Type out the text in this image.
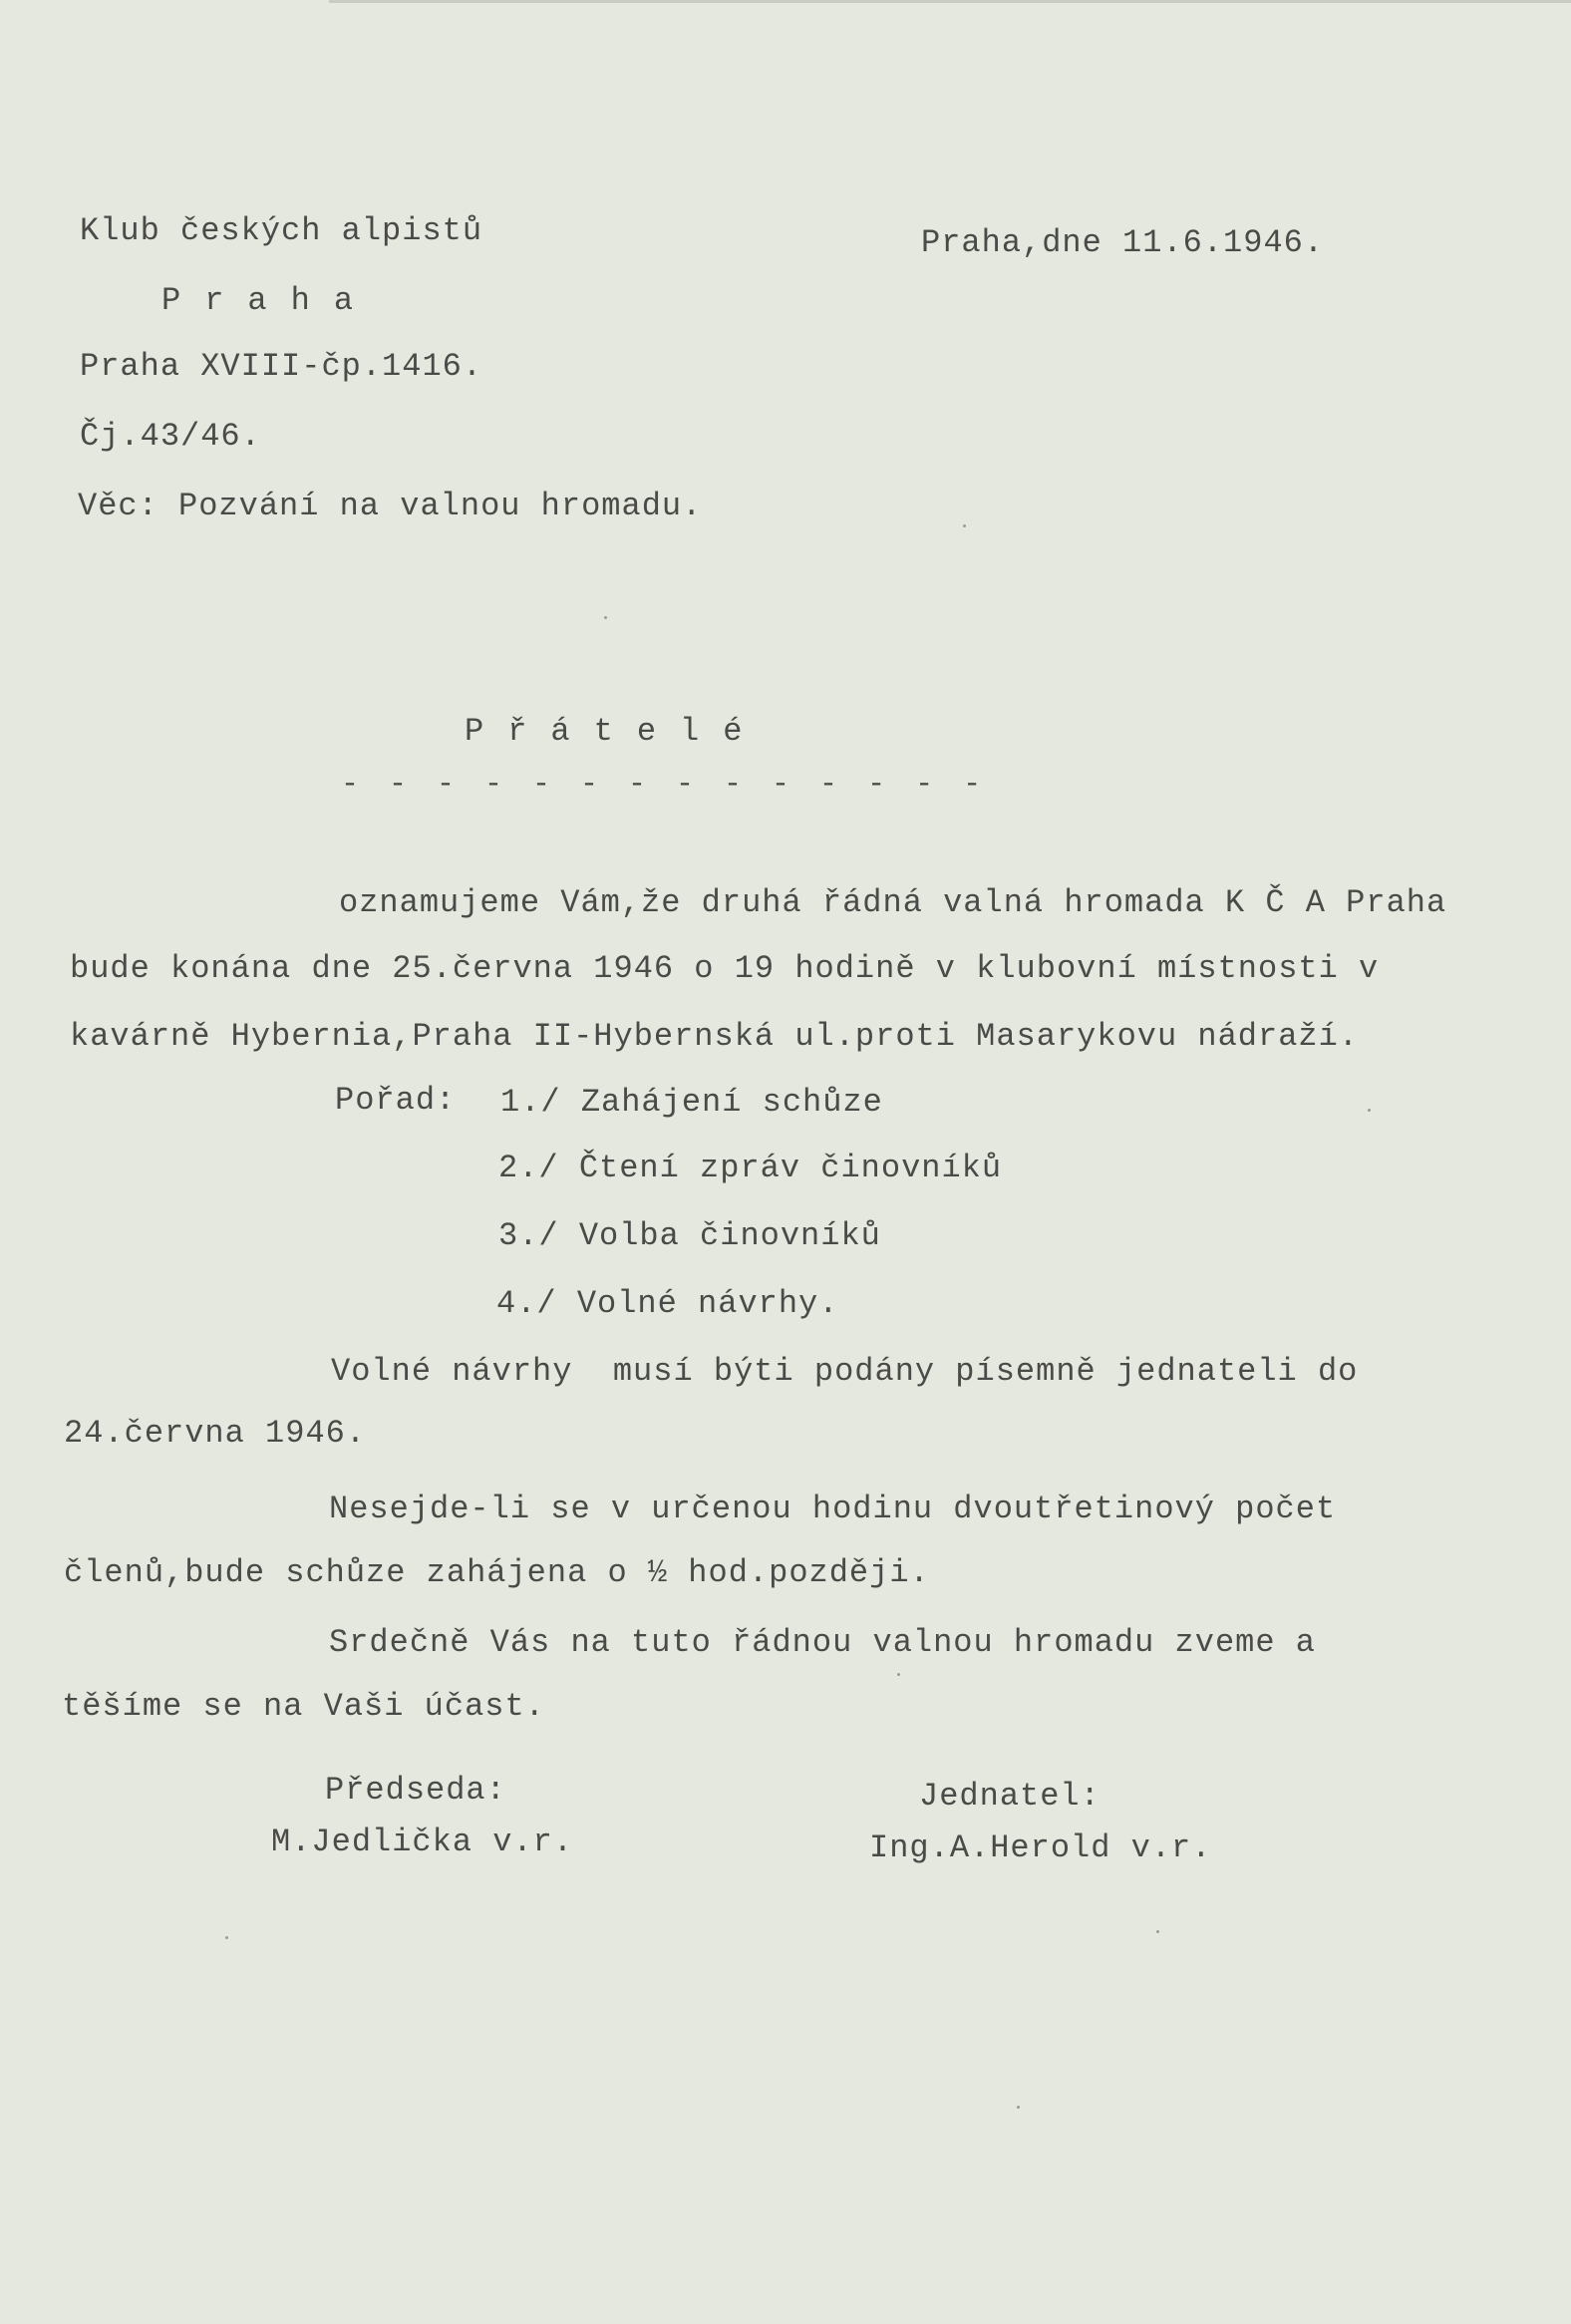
Klub českých alpistů
Praha
Praha XVIII-čp.1416.
Čj.43/46.
Věc: Pozvání na valnou hromadu.
Praha,dne 11.6.1946.
Přátelé
- - - - - - - - - - - - - -
oznamujeme Vám,že druhá řádná valná hromada K Č A Praha
bude konána dne 25.června 1946 o 19 hodině v klubovní místnosti v
kavárně Hybernia,Praha II-Hybernská ul.proti Masarykovu nádraží.
Pořad: 1./ Zahájení schůze
2./ Čtení zpráv činovníků
3./ Volba činovníků
4./ Volné návrhy.
Volné návrhy  musí býti podány písemně jednateli do
24.června 1946.
Nesejde-li se v určenou hodinu dvoutřetinový počet
členů,bude schůze zahájena o ½ hod.později.
Srdečně Vás na tuto řádnou valnou hromadu zveme a
těšíme se na Vaši účast.
Předseda:
M.Jedlička v.r.
Jednatel:
Ing.A.Herold v.r.
